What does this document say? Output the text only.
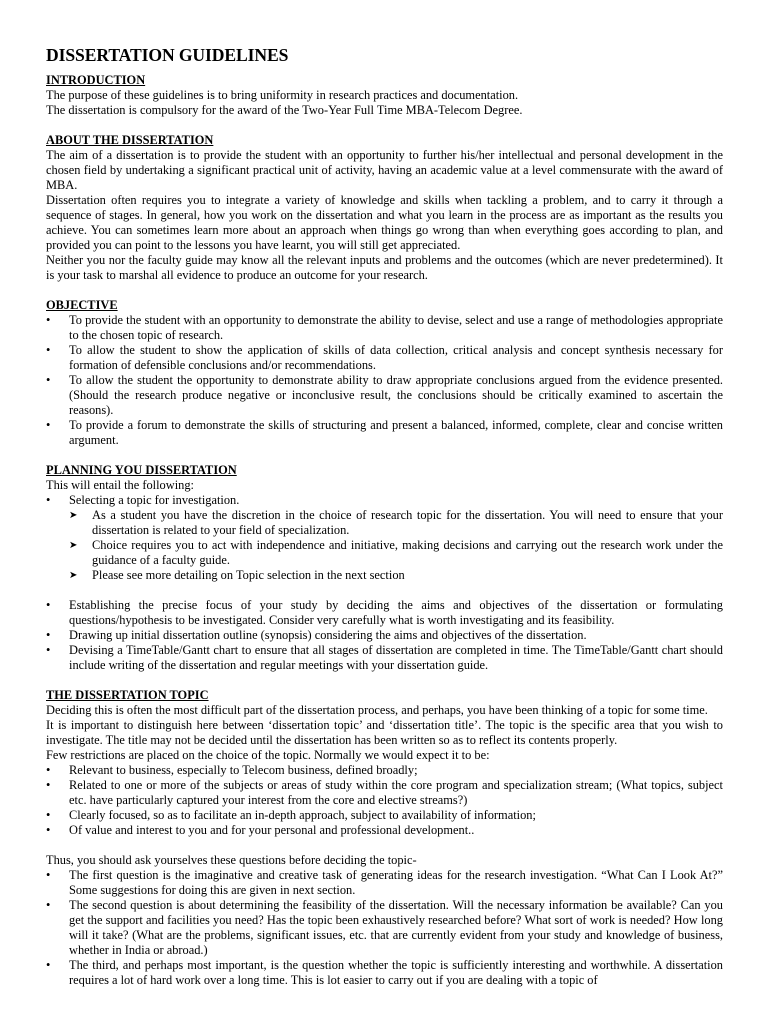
DISSERTATION GUIDELINES
INTRODUCTION

The purpose of these guidelines is to bring uniformity in research practices and documentation.

The dissertation is compulsory for the award of the Two-Year Full Time MBA-Telecom Degree.

ABOUT THE DISSERTATION

The aim of a dissertation is to provide the student with an opportunity to further his/her intellectual and personal development in the chosen field by undertaking a significant practical unit of activity, having an academic value at a level commensurate with the award of MBA.

Dissertation often requires you to integrate a variety of knowledge and skills when tackling a problem, and to carry it through a sequence of stages. In general, how you work on the dissertation and what you learn in the process are as important as the results you achieve. You can sometimes learn more about an approach when things go wrong than when everything goes according to plan, and provided you can point to the lessons you have learnt, you will still get appreciated.

Neither you nor the faculty guide may know all the relevant inputs and problems and the outcomes (which are never predetermined). It is your task to marshal all evidence to produce an outcome for your research.

OBJECTIVE
• To provide the student with an opportunity to demonstrate the ability to devise, select and use a range of methodologies appropriate to the chosen topic of research.
• To allow the student to show the application of skills of data collection, critical analysis and concept synthesis necessary for formation of defensible conclusions and/or recommendations.
• To allow the student the opportunity to demonstrate ability to draw appropriate conclusions argued from the evidence presented. (Should the research produce negative or inconclusive result, the conclusions should be critically examined to ascertain the reasons).
• To provide a forum to demonstrate the skills of structuring and present a balanced, informed, complete, clear and concise written argument.
PLANNING YOU DISSERTATION

This will entail the following:

• Selecting a topic for investigation.
➤ As a student you have the discretion in the choice of research topic for the dissertation. You will need to ensure that your dissertation is related to your field of specialization.
➤ Choice requires you to act with independence and initiative, making decisions and carrying out the research work under the guidance of a faculty guide.
➤ Please see more detailing on Topic selection in the next section
• Establishing the precise focus of your study by deciding the aims and objectives of the dissertation or formulating questions/hypothesis to be investigated. Consider very carefully what is worth investigating and its feasibility.
• Drawing up initial dissertation outline (synopsis) considering the aims and objectives of the dissertation.
• Devising a TimeTable/Gantt chart to ensure that all stages of dissertation are completed in time. The TimeTable/Gantt chart should include writing of the dissertation and regular meetings with your dissertation guide.
THE DISSERTATION TOPIC

Deciding this is often the most difficult part of the dissertation process, and perhaps, you have been thinking of a topic for some time.

It is important to distinguish here between ‘dissertation topic’ and ‘dissertation title’. The topic is the specific area that you wish to investigate. The title may not be decided until the dissertation has been written so as to reflect its contents properly.

Few restrictions are placed on the choice of the topic. Normally we would expect it to be:

• Relevant to business, especially to Telecom business, defined broadly;
• Related to one or more of the subjects or areas of study within the core program and specialization stream; (What topics, subject etc. have particularly captured your interest from the core and elective streams?)
• Clearly focused, so as to facilitate an in-depth approach, subject to availability of information;
• Of value and interest to you and for your personal and professional development..

Thus, you should ask yourselves these questions before deciding the topic-

• The first question is the imaginative and creative task of generating ideas for the research investigation. “What Can I Look At?” Some suggestions for doing this are given in next section.
• The second question is about determining the feasibility of the dissertation. Will the necessary information be available? Can you get the support and facilities you need? Has the topic been exhaustively researched before? What sort of work is needed? How long will it take? (What are the problems, significant issues, etc. that are currently evident from your study and knowledge of business, whether in India or abroad.)
• The third, and perhaps most important, is the question whether the topic is sufficiently interesting and worthwhile. A dissertation requires a lot of hard work over a long time. This is lot easier to carry out if you are dealing with a topic of
